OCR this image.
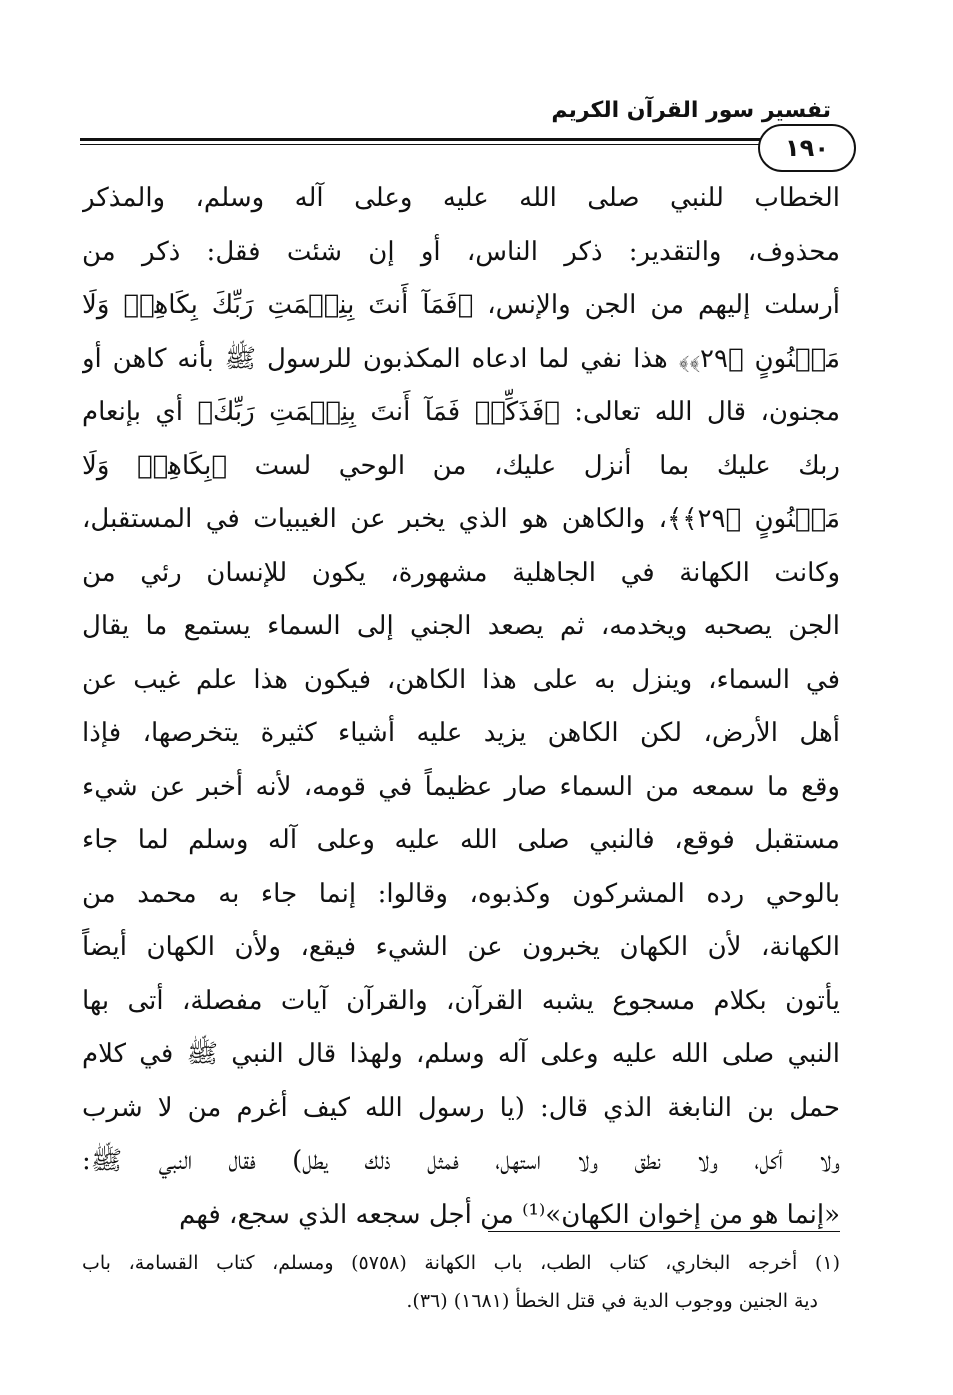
تفسير سور القرآن الكريم
١٩٠
الخطاب للنبي صلى الله عليه وعلى آله وسلم، والمذكر
محذوف، والتقدير: ذكر الناس، أو إن شئت فقل: ذكر من
أرسلت إليهم من الجن والإنس، ﴿فَمَآ أَنتَ بِنِعۡمَتِ رَبِّكَ بِكَاهِنٖ وَلَا
مَجۡنُونٍ ﴿٢٩﴾﴾ هذا نفي لما ادعاه المكذبون للرسول ﷺ بأنه كاهن أو
مجنون، قال الله تعالى: ﴿فَذَكِّرۡ فَمَآ أَنتَ بِنِعۡمَتِ رَبِّكَ﴾ أي بإنعام
ربك عليك بما أنزل عليك، من الوحي لست ﴿بِكَاهِنٖ وَلَا
مَجۡنُونٍ ﴿٢٩﴾﴾، والكاهن هو الذي يخبر عن الغيبيات في المستقبل،
وكانت الكهانة في الجاهلية مشهورة، يكون للإنسان رئي من
الجن يصحبه ويخدمه، ثم يصعد الجني إلى السماء يستمع ما يقال
في السماء، وينزل به على هذا الكاهن، فيكون هذا علم غيب عن
أهل الأرض، لكن الكاهن يزيد عليه أشياء كثيرة يتخرصها، فإذا
وقع ما سمعه من السماء صار عظيماً في قومه، لأنه أخبر عن شيء
مستقبل فوقع، فالنبي صلى الله عليه وعلى آله وسلم لما جاء
بالوحي رده المشركون وكذبوه، وقالوا: إنما جاء به محمد من
الكهانة، لأن الكهان يخبرون عن الشيء فيقع، ولأن الكهان أيضاً
يأتون بكلام مسجوع يشبه القرآن، والقرآن آيات مفصلة، أتى بها
النبي صلى الله عليه وعلى آله وسلم، ولهذا قال النبي ﷺ في كلام
حمل بن النابغة الذي قال: (يا رسول الله كيف أغرم من لا شرب
ولا أكل، ولا نطق ولا استهل، فمثل ذلك يطل) فقال النبي ﷺ:
«إنما هو من إخوان الكهان»⁽¹⁾ من أجل سجعه الذي سجع، فهم
(١) أخرجه البخاري، كتاب الطب، باب الكهانة (٥٧٥٨) ومسلم، كتاب القسامة، باب
دية الجنين ووجوب الدية في قتل الخطأ (١٦٨١) (٣٦).
